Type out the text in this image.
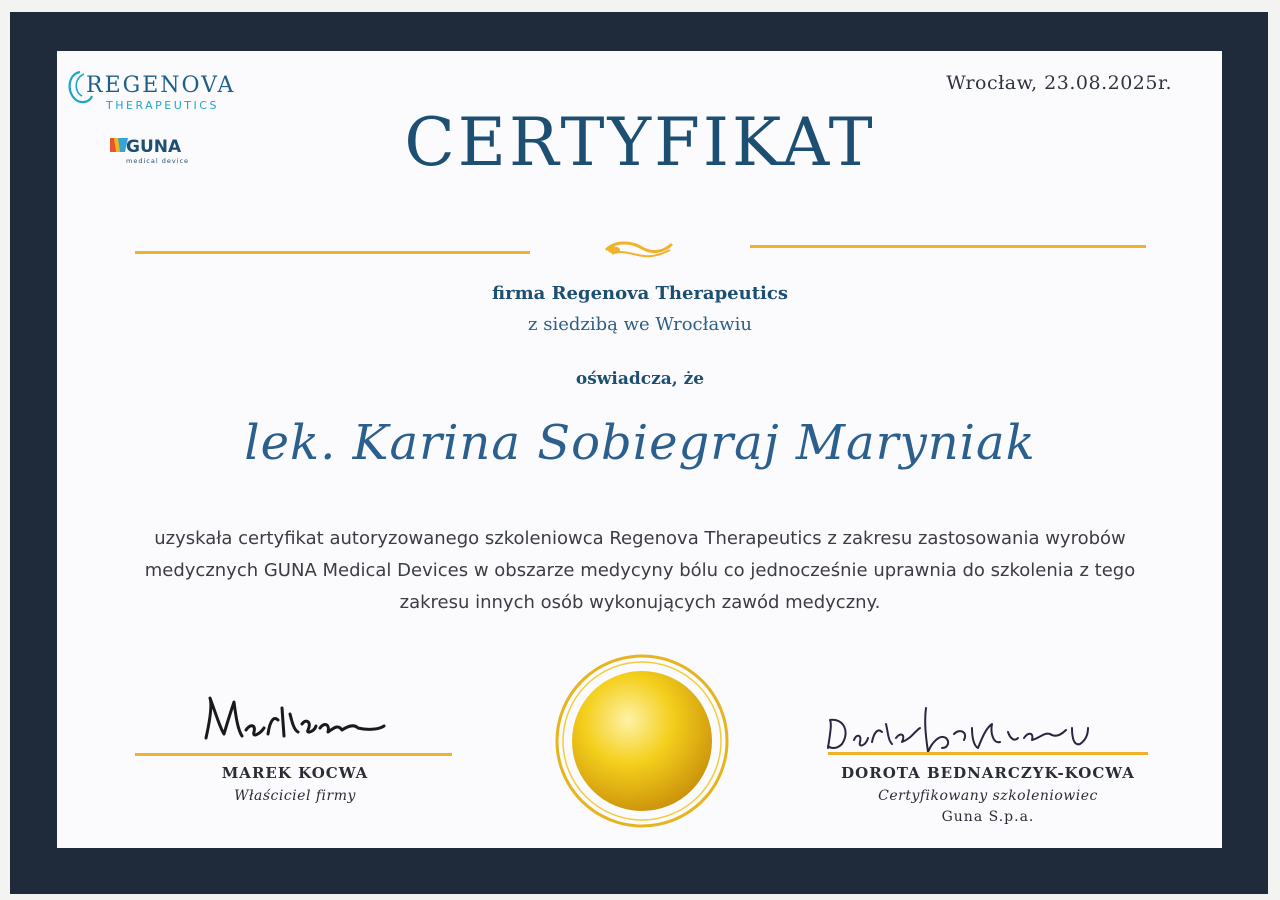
REGENOVA
THERAPEUTICS
GUNA
medical device
Wrocław, 23.08.2025r.
CERTYFIKAT
firma Regenova Therapeutics
z siedzibą we Wrocławiu
oświadcza, że
lek. Karina Sobiegraj Maryniak
uzyskała certyfikat autoryzowanego szkoleniowca Regenova Therapeutics z zakresu zastosowania wyrobów medycznych GUNA Medical Devices w obszarze medycyny bólu co jednocześnie uprawnia do szkolenia z tego zakresu innych osób wykonujących zawód medyczny.
MAREK KOCWA
Właściciel firmy
DOROTA BEDNARCZYK-KOCWA
Certyfikowany szkoleniowiec
Guna S.p.a.
